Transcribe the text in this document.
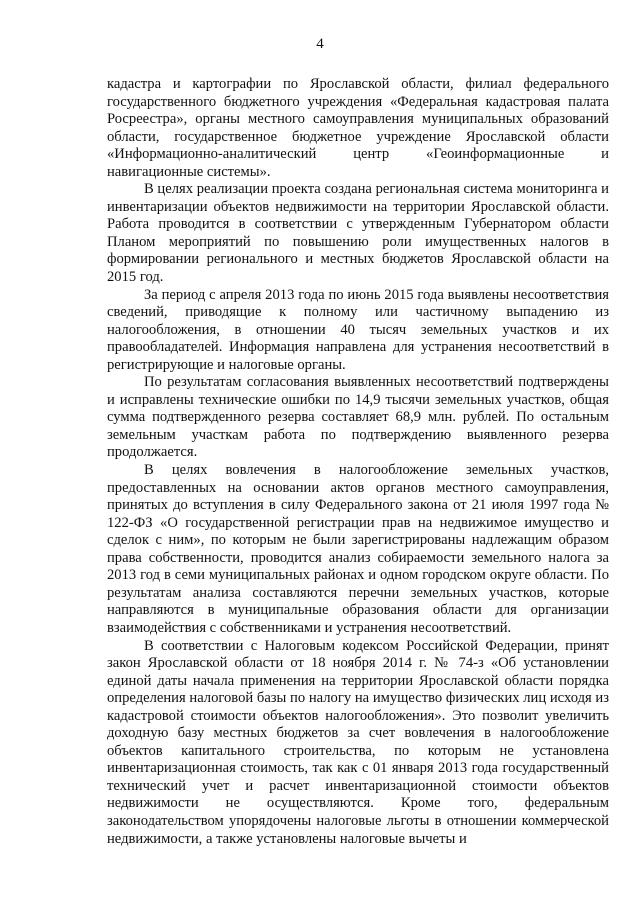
4

кадастра и картографии по Ярославской области, филиал федерального государственного бюджетного учреждения «Федеральная кадастровая палата Росреестра», органы местного самоуправления муниципальных образований области, государственное бюджетное учреждение Ярославской области «Информационно-аналитический центр «Геоинформационные и навигационные системы».

В целях реализации проекта создана региональная система мониторинга и инвентаризации объектов недвижимости на территории Ярославской области. Работа проводится в соответствии с утвержденным Губернатором области Планом мероприятий по повышению роли имущественных налогов в формировании регионального и местных бюджетов Ярославской области на 2015 год.

За период с апреля 2013 года по июнь 2015 года выявлены несоответствия сведений, приводящие к полному или частичному выпадению из налогообложения, в отношении 40 тысяч земельных участков и их правообладателей. Информация направлена для устранения несоответствий в регистрирующие и налоговые органы.

По результатам согласования выявленных несоответствий подтверждены и исправлены технические ошибки по 14,9 тысячи земельных участков, общая сумма подтвержденного резерва составляет 68,9 млн. рублей. По остальным земельным участкам работа по подтверждению выявленного резерва продолжается.

В целях вовлечения в налогообложение земельных участков, предоставленных на основании актов органов местного самоуправления, принятых до вступления в силу Федерального закона от 21 июля 1997 года № 122-ФЗ «О государственной регистрации прав на недвижимое имущество и сделок с ним», по которым не были зарегистрированы надлежащим образом права собственности, проводится анализ собираемости земельного налога за 2013 год в семи муниципальных районах и одном городском округе области. По результатам анализа составляются перечни земельных участков, которые направляются в муниципальные образования области для организации взаимодействия с собственниками и устранения несоответствий.

В соответствии с Налоговым кодексом Российской Федерации, принят закон Ярославской области от 18 ноября 2014 г. № 74-з «Об установлении единой даты начала применения на территории Ярославской области порядка определения налоговой базы по налогу на имущество физических лиц исходя из кадастровой стоимости объектов налогообложения». Это позволит увеличить доходную базу местных бюджетов за счет вовлечения в налогообложение объектов капитального строительства, по которым не установлена инвентаризационная стоимость, так как с 01 января 2013 года государственный технический учет и расчет инвентаризационной стоимости объектов недвижимости не осуществляются. Кроме того, федеральным законодательством упорядочены налоговые льготы в отношении коммерческой недвижимости, а также установлены налоговые вычеты и
